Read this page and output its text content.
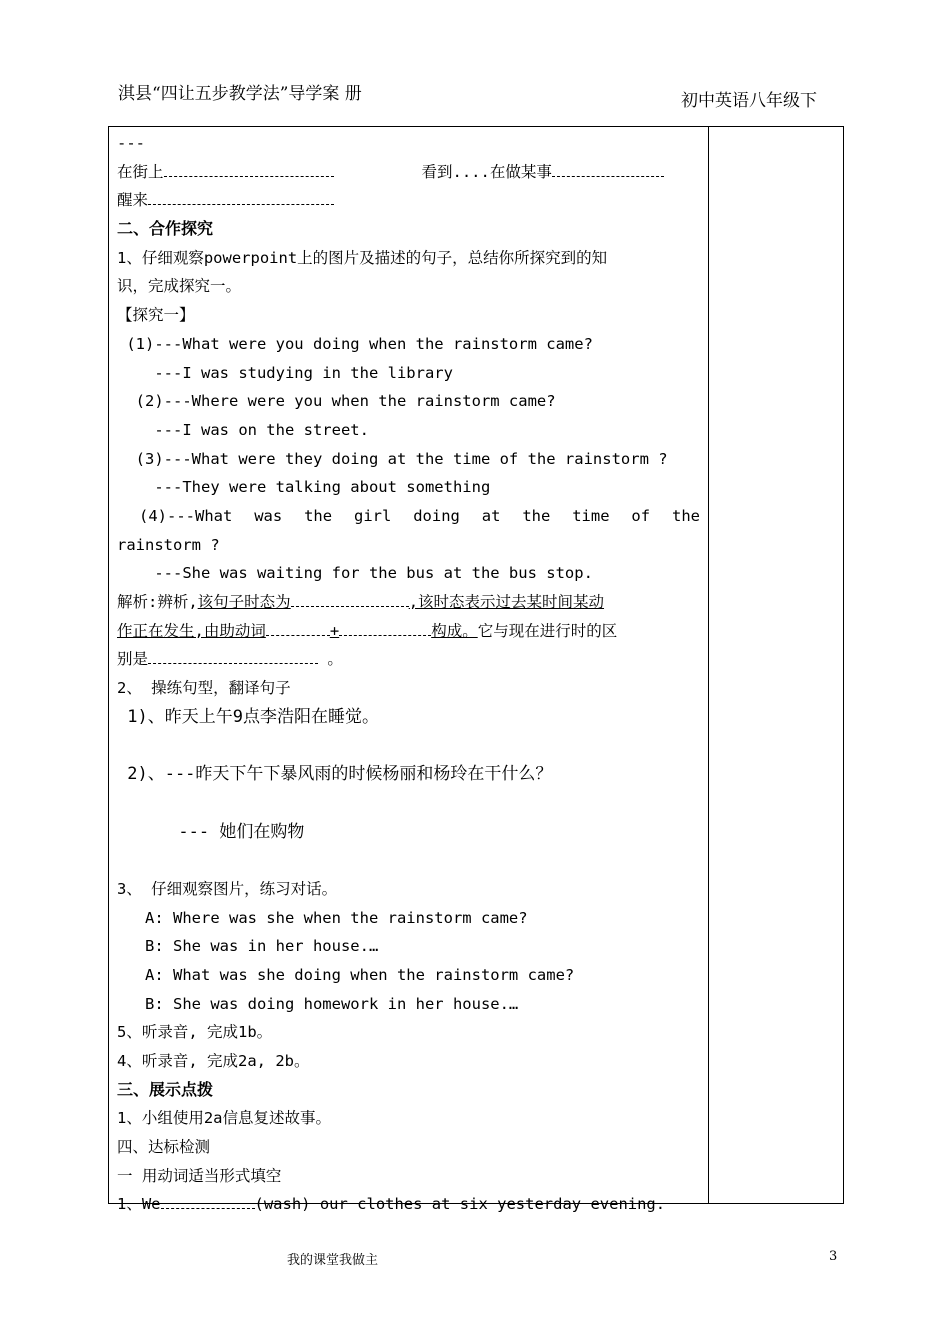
淇县“四让五步教学法”导学案 册	初中英语八年级下
---
在街上	看到....在做某事
醒来
二、合作探究
1、仔细观察powerpoint上的图片及描述的句子，总结你所探究到的知
识，完成探究一。
【探究一】
(1)---What were you doing when the rainstorm came?
---I was studying in the library
(2)---Where were you when the rainstorm came?
---I was on the street.
(3)---What were they doing at the time of the rainstorm ?
---They were talking about something
(4)---What was the girl doing at the time of the
rainstorm ?
---She was waiting for the bus at the bus stop.
解析:辨析,该句子时态为	,该时态表示过去某时间某动
作正在发生,由助动词	+	构成。它与现在进行时的区
别是	。
2、 操练句型，翻译句子
1)、昨天上午9点李浩阳在睡觉。
2)、---昨天下午下暴风雨的时候杨丽和杨玲在干什么？
--- 她们在购物
3、 仔细观察图片，练习对话。
A: Where was she when the rainstorm came?
B: She was in her house.…
A: What was she doing when the rainstorm came?
B: She was doing homework in her house.…
5、听录音, 完成1b。
4、听录音, 完成2a, 2b。
三、展示点拨
1、小组使用2a信息复述故事。
四、达标检测
一 用动词适当形式填空
1、We	(wash) our clothes at six yesterday evening.
我的课堂我做主	3
